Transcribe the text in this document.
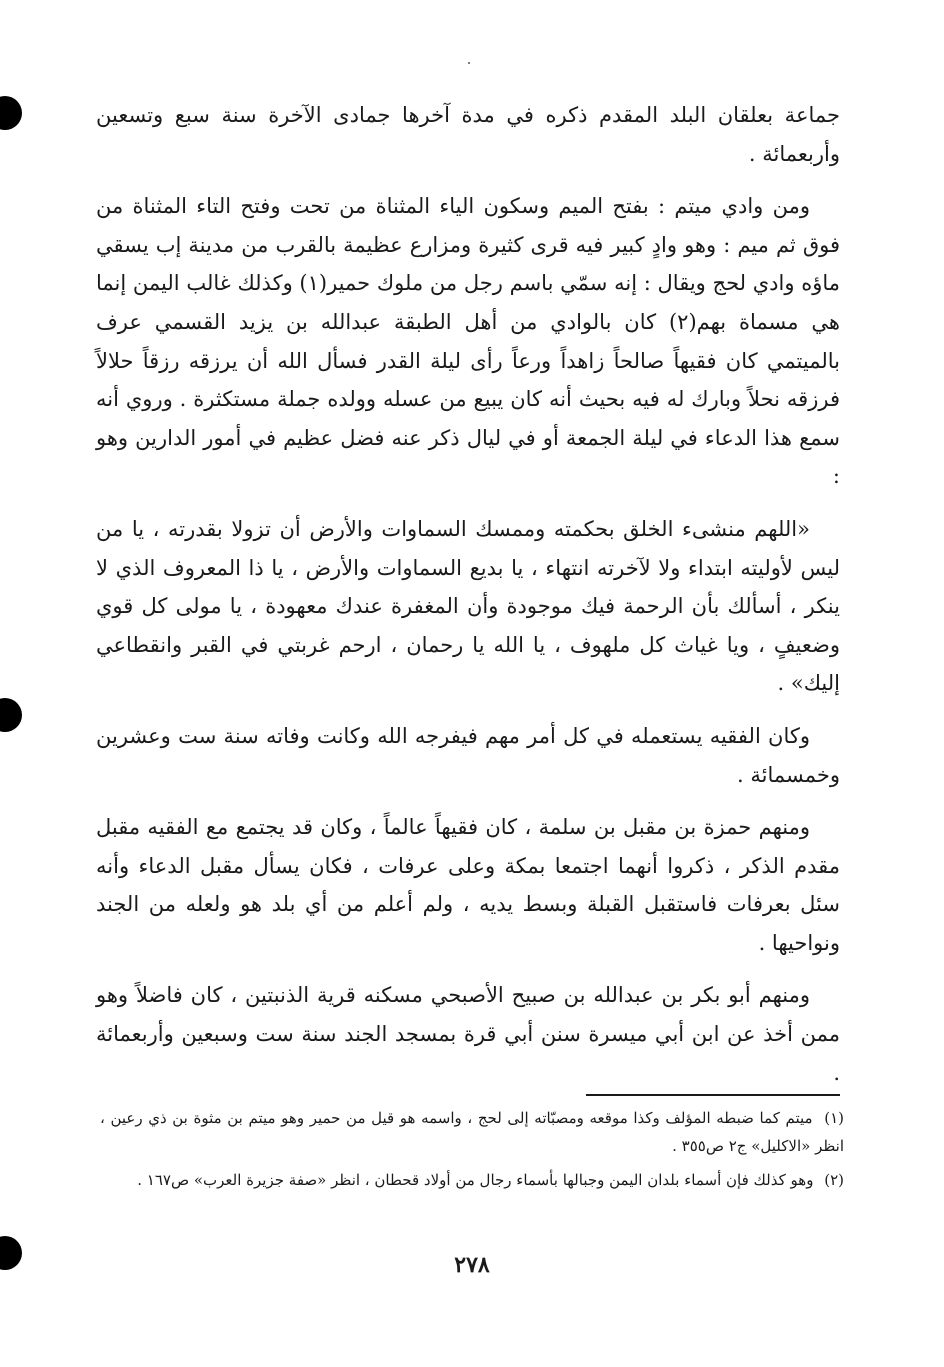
جماعة بعلقان البلد المقدم ذكره في مدة آخرها جمادى الآخرة سنة سبع وتسعين وأربعمائة .

ومن وادي ميتم : بفتح الميم وسكون الياء المثناة من تحت وفتح التاء المثناة من فوق ثم ميم : وهو وادٍ كبير فيه قرى كثيرة ومزارع عظيمة بالقرب من مدينة إب يسقي ماؤه وادي لحج ويقال : إنه سمّي باسم رجل من ملوك حمير(١) وكذلك غالب اليمن إنما هي مسماة بهم(٢) كان بالوادي من أهل الطبقة عبدالله بن يزيد القسمي عرف بالميتمي كان فقيهاً صالحاً زاهداً ورعاً رأى ليلة القدر فسأل الله أن يرزقه رزقاً حلالاً فرزقه نحلاً وبارك له فيه بحيث أنه كان يبيع من عسله وولده جملة مستكثرة . وروي أنه سمع هذا الدعاء في ليلة الجمعة أو في ليال ذكر عنه فضل عظيم في أمور الدارين وهو :

«اللهم منشىء الخلق بحكمته وممسك السماوات والأرض أن تزولا بقدرته ، يا من ليس لأوليته ابتداء ولا لآخرته انتهاء ، يا بديع السماوات والأرض ، يا ذا المعروف الذي لا ينكر ، أسألك بأن الرحمة فيك موجودة وأن المغفرة عندك معهودة ، يا مولى كل قوي وضعيفٍ ، ويا غياث كل ملهوف ، يا الله يا رحمان ، ارحم غربتي في القبر وانقطاعي إليك» .

وكان الفقيه يستعمله في كل أمر مهم فيفرجه الله وكانت وفاته سنة ست وعشرين وخمسمائة .

ومنهم حمزة بن مقبل بن سلمة ، كان فقيهاً عالماً ، وكان قد يجتمع مع الفقيه مقبل مقدم الذكر ، ذكروا أنهما اجتمعا بمكة وعلى عرفات ، فكان يسأل مقبل الدعاء وأنه سئل بعرفات فاستقبل القبلة وبسط يديه ، ولم أعلم من أي بلد هو ولعله من الجند ونواحيها .

ومنهم أبو بكر بن عبدالله بن صبيح الأصبحي مسكنه قرية الذنبتين ، كان فاضلاً وهو ممن أخذ عن ابن أبي ميسرة سنن أبي قرة بمسجد الجند سنة ست وسبعين وأربعمائة .

(١) ميتم كما ضبطه المؤلف وكذا موقعه ومصبّاته إلى لحج ، واسمه هو قيل من حمير وهو ميتم بن مثوة بن ذي رعين ، انظر «الاكليل» ج٢ ص٣٥٥ .
(٢) وهو كذلك فإن أسماء بلدان اليمن وجبالها بأسماء رجال من أولاد قحطان ، انظر «صفة جزيرة العرب» ص١٦٧ .
٢٧٨
